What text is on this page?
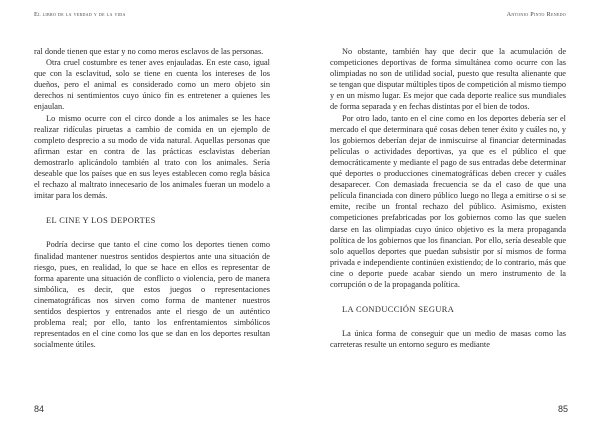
El libro de la verdad y de la vida

ral donde tienen que estar y no como meros esclavos de las personas.

Otra cruel costumbre es tener aves enjauladas. En este caso, igual que con la esclavitud, solo se tiene en cuenta los intereses de los dueños, pero el animal es considerado como un mero objeto sin derechos ni sentimientos cuyo único fin es entretener a quienes les enjaulan.

Lo mismo ocurre con el circo donde a los animales se les hace realizar ridículas piruetas a cambio de comida en un ejemplo de completo desprecio a su modo de vida natural. Aquellas personas que afirman estar en contra de las prácticas esclavistas deberían demostrarlo aplicándolo también al trato con los animales. Sería deseable que los países que en sus leyes establecen como regla básica el rechazo al maltrato innecesario de los animales fueran un modelo a imitar para los demás.

EL CINE Y LOS DEPORTES

Podría decirse que tanto el cine como los deportes tienen como finalidad mantener nuestros sentidos despiertos ante una situación de riesgo, pues, en realidad, lo que se hace en ellos es representar de forma aparente una situación de conflicto o violencia, pero de manera simbólica, es decir, que estos juegos o representaciones cinematográficas nos sirven como forma de mantener nuestros sentidos despiertos y entrenados ante el riesgo de un auténtico problema real; por ello, tanto los enfrentamientos simbólicos representados en el cine como los que se dan en los deportes resultan socialmente útiles.

84
Antonio Pinto Renedo

No obstante, también hay que decir que la acumulación de competiciones deportivas de forma simultánea como ocurre con las olimpiadas no son de utilidad social, puesto que resulta alienante que se tengan que disputar múltiples tipos de competición al mismo tiempo y en un mismo lugar. Es mejor que cada deporte realice sus mundiales de forma separada y en fechas distintas por el bien de todos.

Por otro lado, tanto en el cine como en los deportes debería ser el mercado el que determinara qué cosas deben tener éxito y cuáles no, y los gobiernos deberían dejar de inmiscuirse al financiar determinadas películas o actividades deportivas, ya que es el público el que democráticamente y mediante el pago de sus entradas debe determinar qué deportes o producciones cinematográficas deben crecer y cuáles desaparecer. Con demasiada frecuencia se da el caso de que una película financiada con dinero público luego no llega a emitirse o si se emite, recibe un frontal rechazo del público. Asimismo, existen competiciones prefabricadas por los gobiernos como las que suelen darse en las olimpiadas cuyo único objetivo es la mera propaganda política de los gobiernos que los financian. Por ello, sería deseable que solo aquellos deportes que puedan subsistir por sí mismos de forma privada e independiente continúen existiendo; de lo contrario, más que cine o deporte puede acabar siendo un mero instrumento de la corrupción o de la propaganda política.

LA CONDUCCIÓN SEGURA

La única forma de conseguir que un medio de masas como las carreteras resulte un entorno seguro es mediante

85
